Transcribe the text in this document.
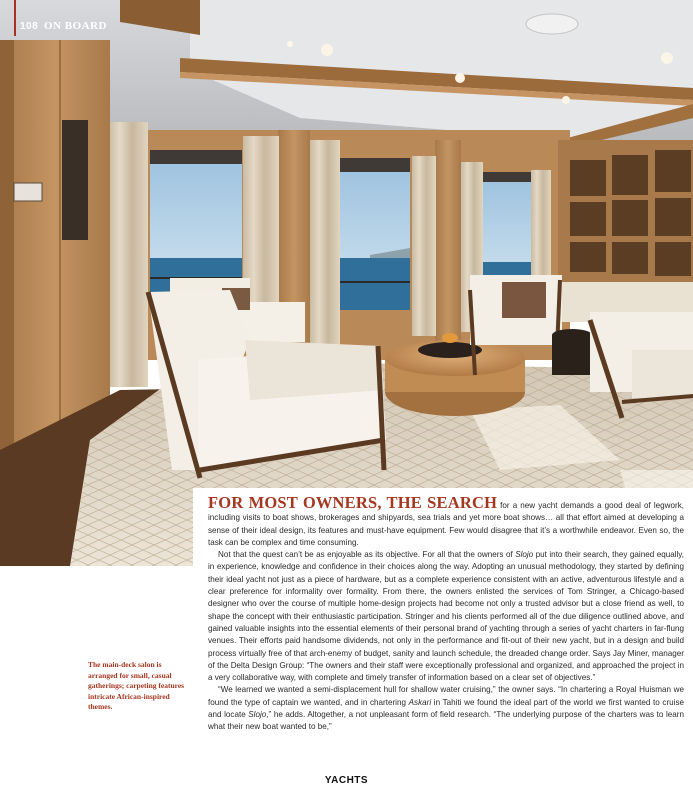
108 ON BOARD

FOR MOST OWNERS, THE SEARCH for a new yacht demands a good deal of legwork, including visits to boat shows, brokerages and shipyards, sea trials and yet more boat shows… all that effort aimed at developing a sense of their ideal design, its features and must-have equipment. Few would disagree that it’s a worthwhile endeavor. Even so, the task can be complex and time consuming.

Not that the quest can’t be as enjoyable as its objective. For all that the owners of Slojo put into their search, they gained equally, in experience, knowledge and confidence in their choices along the way. Adopting an unusual methodology, they started by defining their ideal yacht not just as a piece of hardware, but as a complete experience consistent with an active, adventurous lifestyle and a clear preference for informality over formality. From there, the owners enlisted the services of Tom Stringer, a Chicago-based designer who over the course of multiple home-design projects had become not only a trusted advisor but a close friend as well, to shape the concept with their enthusiastic participation. Stringer and his clients performed all of the due diligence outlined above, and gained valuable insights into the essential elements of their personal brand of yachting through a series of yacht charters in far-flung venues. Their efforts paid handsome dividends, not only in the performance and fit-out of their new yacht, but in a design and build process virtually free of that arch-enemy of budget, sanity and launch schedule, the dreaded change order. Says Jay Miner, manager of the Delta Design Group: “The owners and their staff were exceptionally professional and organized, and approached the project in a very collaborative way, with complete and timely transfer of information based on a clear set of objectives.”

“We learned we wanted a semi-displacement hull for shallow water cruising,” the owner says. “In chartering a Royal Huisman we found the type of captain we wanted, and in chartering Askari in Tahiti we found the ideal part of the world we first wanted to cruise and locate Slojo,” he adds. Altogether, a not unpleasant form of field research. “The underlying purpose of the charters was to learn what their new boat wanted to be,”

The main-deck salon is arranged for small, casual gatherings; carpeting features intricate African-inspired themes.
YACHTS
